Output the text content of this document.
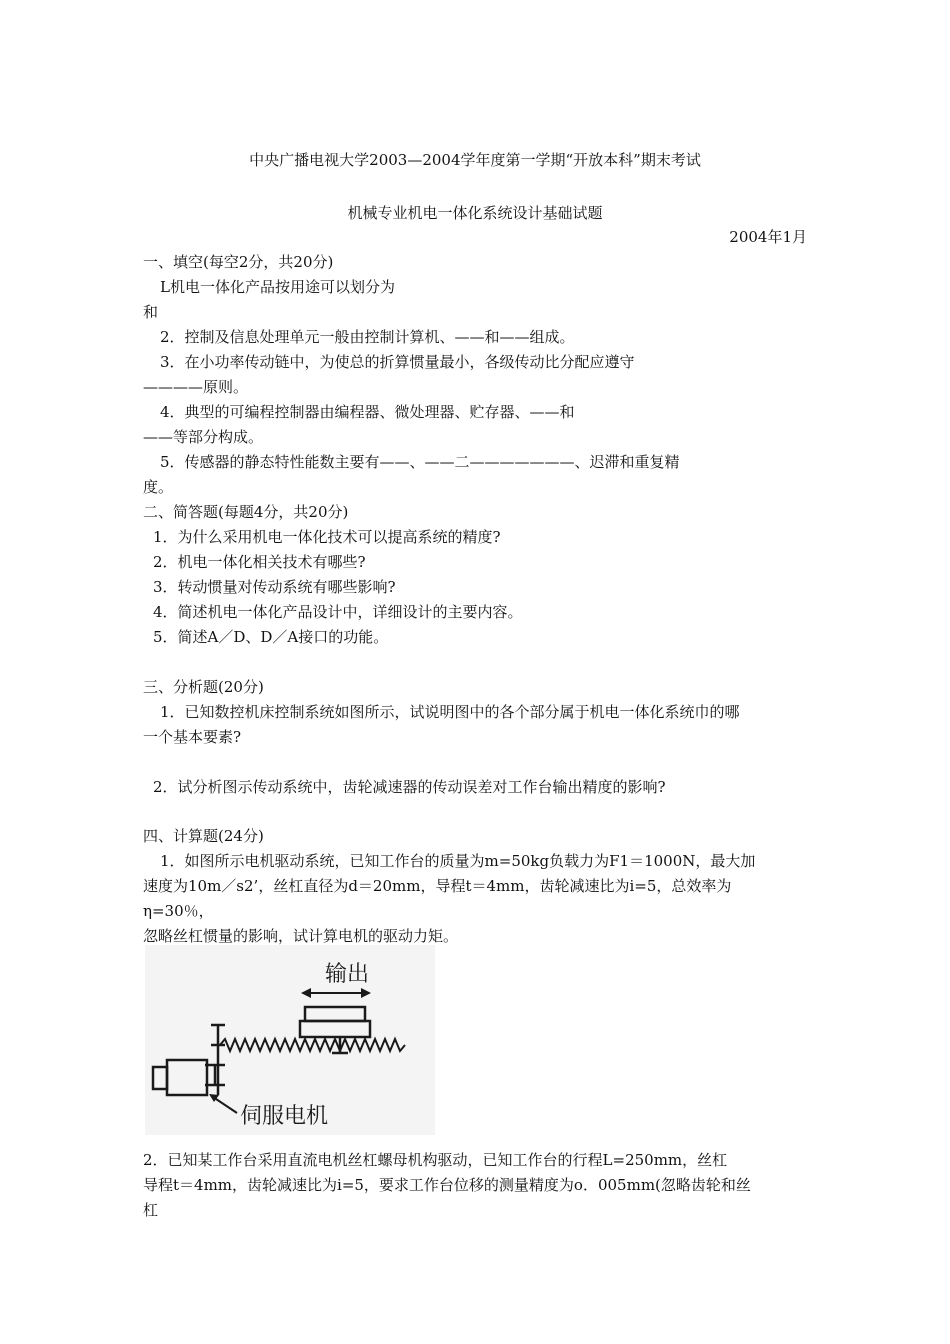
中央广播电视大学2003—2004学年度第一学期“开放本科”期末考试
机械专业机电一体化系统设计基础试题
2004年1月
一、填空(每空2分，共20分)
L机电一体化产品按用途可以划分为
和
2．控制及信息处理单元一般由控制计算机、——和——组成。
3．在小功率传动链中，为使总的折算惯量最小，各级传动比分配应遵守
————原则。
4．典型的可编程控制器由编程器、微处理器、贮存器、——和
——等部分构成。
5．传感器的静态特性能数主要有——、——二———————、迟滞和重复精
度。
二、简答题(每题4分，共20分)
1．为什么采用机电一体化技术可以提高系统的精度?
2．机电一体化相关技术有哪些?
3．转动惯量对传动系统有哪些影响?
4．简述机电一体化产品设计中，详细设计的主要内容。
5．简述A／D、D／A接口的功能。
三、分析题(20分)
1．已知数控机床控制系统如图所示，试说明图中的各个部分属于机电一体化系统巾的哪
一个基本要素?
2．试分析图示传动系统中，齿轮减速器的传动误差对工作台输出精度的影响?
四、计算题(24分)
1．如图所示电机驱动系统，已知工作台的质量为m=50kg负载力为F1＝1000N，最大加
速度为10m／s2’，丝杠直径为d＝20mm，导程t＝4mm，齿轮减速比为i=5，总效率为
η=30％，
忽略丝杠惯量的影响，试计算电机的驱动力矩。
输出
伺服电机
2．已知某工作台采用直流电机丝杠螺母机构驱动，已知工作台的行程L=250mm，丝杠
导程t＝4mm，齿轮减速比为i=5，要求工作台位移的测量精度为o．005mm(忽略齿轮和丝
杠
